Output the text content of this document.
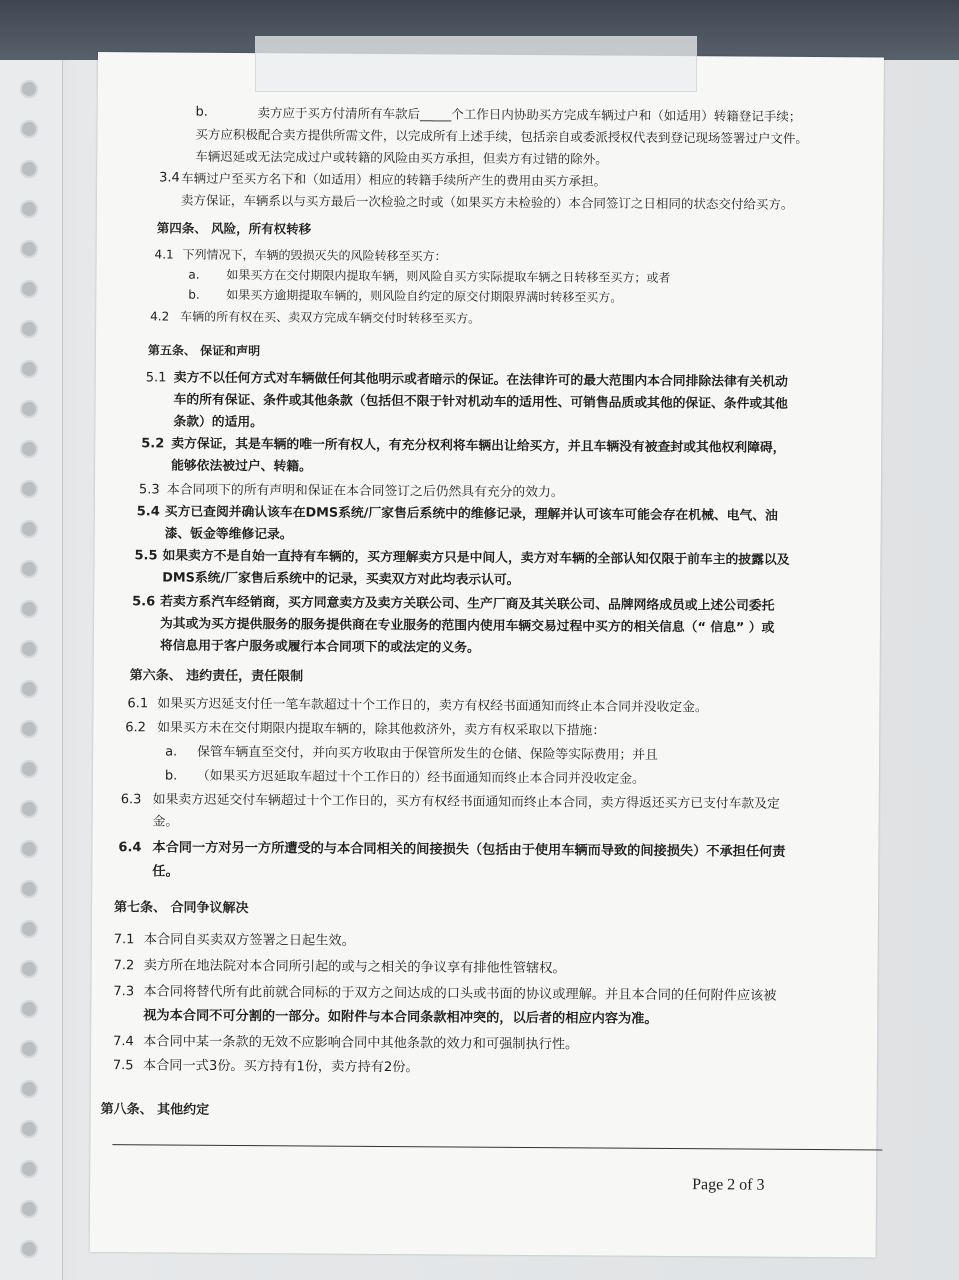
b.	卖方应于买方付清所有车款后_____个工作日内协助买方完成车辆过户和（如适用）转籍登记手续；
买方应积极配合卖方提供所需文件，以完成所有上述手续，包括亲自或委派授权代表到登记现场签署过户文件。
车辆迟延或无法完成过户或转籍的风险由买方承担，但卖方有过错的除外。
3.4 车辆过户至买方名下和（如适用）相应的转籍手续所产生的费用由买方承担。
卖方保证，车辆系以与买方最后一次检验之时或（如果买方未检验的）本合同签订之日相同的状态交付给买方。
第四条、 风险，所有权转移
4.1 下列情况下，车辆的毁损灭失的风险转移至买方：
a. 如果买方在交付期限内提取车辆，则风险自买方实际提取车辆之日转移至买方；或者
b. 如果买方逾期提取车辆的，则风险自约定的原交付期限界满时转移至买方。
4.2 车辆的所有权在买、卖双方完成车辆交付时转移至买方。
第五条、 保证和声明
5.1 卖方不以任何方式对车辆做任何其他明示或者暗示的保证。在法律许可的最大范围内本合同排除法律有关机动
车的所有保证、条件或其他条款（包括但不限于针对机动车的适用性、可销售品质或其他的保证、条件或其他
条款）的适用。
5.2 卖方保证，其是车辆的唯一所有权人，有充分权利将车辆出让给买方，并且车辆没有被查封或其他权利障碍，
能够依法被过户、转籍。
5.3 本合同项下的所有声明和保证在本合同签订之后仍然具有充分的效力。
5.4 买方已查阅并确认该车在DMS系统/厂家售后系统中的维修记录，理解并认可该车可能会存在机械、电气、油
漆、钣金等维修记录。
5.5 如果卖方不是自始一直持有车辆的，买方理解卖方只是中间人，卖方对车辆的全部认知仅限于前车主的披露以及
DMS系统/厂家售后系统中的记录，买卖双方对此均表示认可。
5.6 若卖方系汽车经销商，买方同意卖方及卖方关联公司、生产厂商及其关联公司、品牌网络成员或上述公司委托
为其或为买方提供服务的服务提供商在专业服务的范围内使用车辆交易过程中买方的相关信息（“ 信息” ）或
将信息用于客户服务或履行本合同项下的或法定的义务。
第六条、 违约责任，责任限制
6.1 如果买方迟延支付任一笔车款超过十个工作日的，卖方有权经书面通知而终止本合同并没收定金。
6.2 如果买方未在交付期限内提取车辆的，除其他救济外，卖方有权采取以下措施：
a. 保管车辆直至交付，并向买方收取由于保管所发生的仓储、保险等实际费用；并且
b. （如果买方迟延取车超过十个工作日的）经书面通知而终止本合同并没收定金。
6.3 如果卖方迟延交付车辆超过十个工作日的，买方有权经书面通知而终止本合同，卖方得返还买方已支付车款及定
金。
6.4 本合同一方对另一方所遭受的与本合同相关的间接损失（包括由于使用车辆而导致的间接损失）不承担任何责
任。
第七条、 合同争议解决
7.1 本合同自买卖双方签署之日起生效。
7.2 卖方所在地法院对本合同所引起的或与之相关的争议享有排他性管辖权。
7.3 本合同将替代所有此前就合同标的于双方之间达成的口头或书面的协议或理解。并且本合同的任何附件应该被
视为本合同不可分割的一部分。如附件与本合同条款相冲突的，以后者的相应内容为准。
7.4 本合同中某一条款的无效不应影响合同中其他条款的效力和可强制执行性。
7.5 本合同一式3份。买方持有1份，卖方持有2份。
第八条、 其他约定
Page 2 of 3
